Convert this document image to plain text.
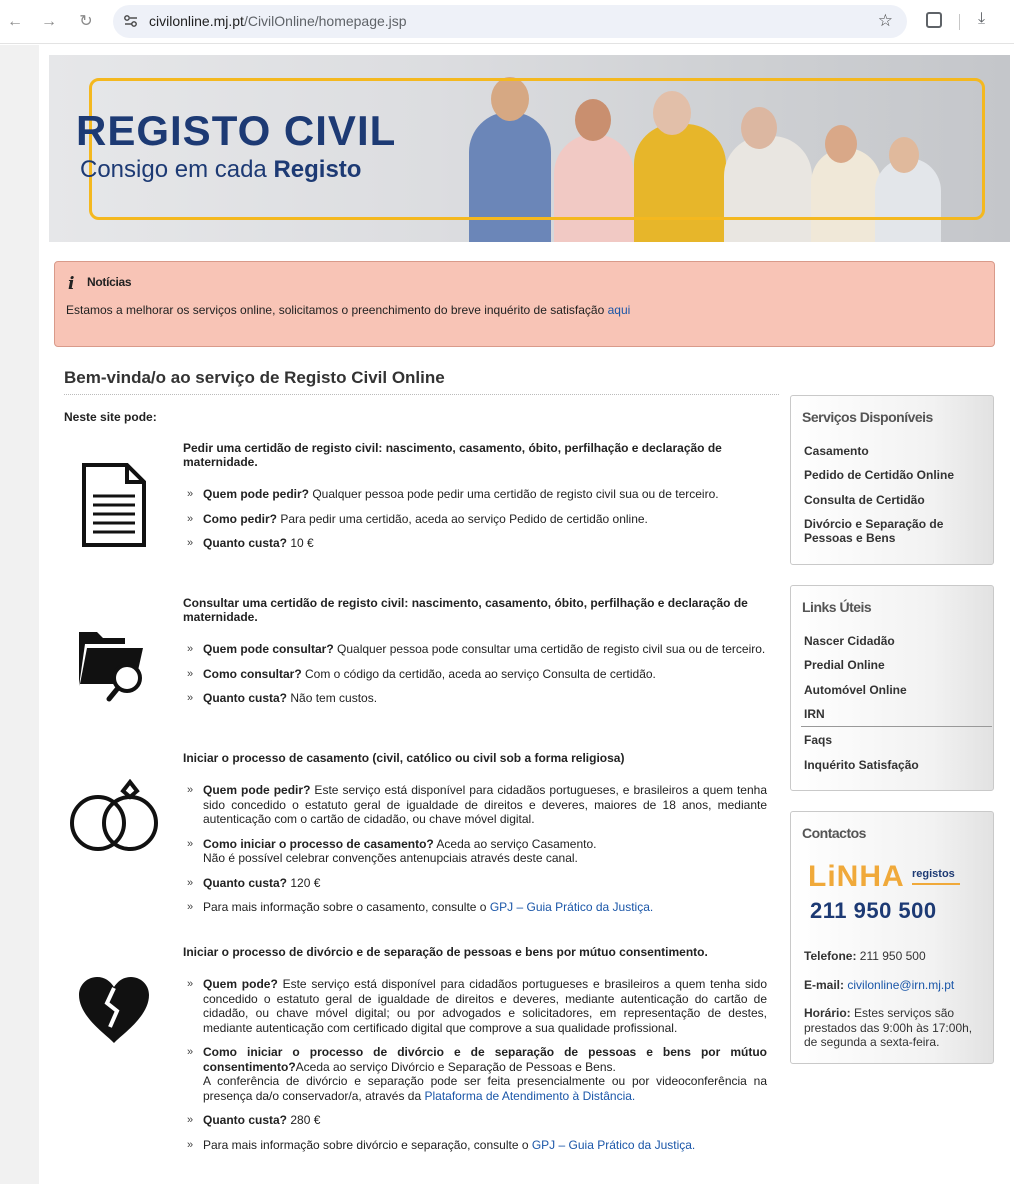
← → ↻	civilonline.mj.pt/CivilOnline/homepage.jsp	☆	⤓
REGISTO CIVIL
Consigo em cada Registo
i Notícias
Estamos a melhorar os serviços online, solicitamos o preenchimento do breve inquérito de satisfação aqui
Bem-vinda/o ao serviço de Registo Civil Online
Neste site pode:
Pedir uma certidão de registo civil: nascimento, casamento, óbito, perfilhação e declaração de maternidade.
» Quem pode pedir? Qualquer pessoa pode pedir uma certidão de registo civil sua ou de terceiro.
» Como pedir? Para pedir uma certidão, aceda ao serviço Pedido de certidão online.
» Quanto custa? 10 €
Consultar uma certidão de registo civil: nascimento, casamento, óbito, perfilhação e declaração de maternidade.
» Quem pode consultar? Qualquer pessoa pode consultar uma certidão de registo civil sua ou de terceiro.
» Como consultar? Com o código da certidão, aceda ao serviço Consulta de certidão.
» Quanto custa? Não tem custos.
Iniciar o processo de casamento (civil, católico ou civil sob a forma religiosa)
» Quem pode pedir? Este serviço está disponível para cidadãos portugueses, e brasileiros a quem tenha sido concedido o estatuto geral de igualdade de direitos e deveres, maiores de 18 anos, mediante autenticação com o cartão de cidadão, ou chave móvel digital.
» Como iniciar o processo de casamento? Aceda ao serviço Casamento.
Não é possível celebrar convenções antenupciais através deste canal.
» Quanto custa? 120 €
» Para mais informação sobre o casamento, consulte o GPJ – Guia Prático da Justiça.
Iniciar o processo de divórcio e de separação de pessoas e bens por mútuo consentimento.
» Quem pode? Este serviço está disponível para cidadãos portugueses e brasileiros a quem tenha sido concedido o estatuto geral de igualdade de direitos e deveres, mediante autenticação do cartão de cidadão, ou chave móvel digital; ou por advogados e solicitadores, em representação de destes, mediante autenticação com certificado digital que comprove a sua qualidade profissional.
» Como iniciar o processo de divórcio e de separação de pessoas e bens por mútuo consentimento?Aceda ao serviço Divórcio e Separação de Pessoas e Bens.
A conferência de divórcio e separação pode ser feita presencialmente ou por videoconferência na presença da/o conservador/a, através da Plataforma de Atendimento à Distância.
» Quanto custa? 280 €
» Para mais informação sobre divórcio e separação, consulte o GPJ – Guia Prático da Justiça.
Serviços Disponíveis
Casamento
Pedido de Certidão Online
Consulta de Certidão
Divórcio e Separação de Pessoas e Bens
Links Úteis
Nascer Cidadão
Predial Online
Automóvel Online
IRN
Faqs
Inquérito Satisfação
Contactos
LiNHA registos
211 950 500
Telefone: 211 950 500
E-mail: civilonline@irn.mj.pt
Horário: Estes serviços são prestados das 9:00h às 17:00h, de segunda a sexta-feira.
